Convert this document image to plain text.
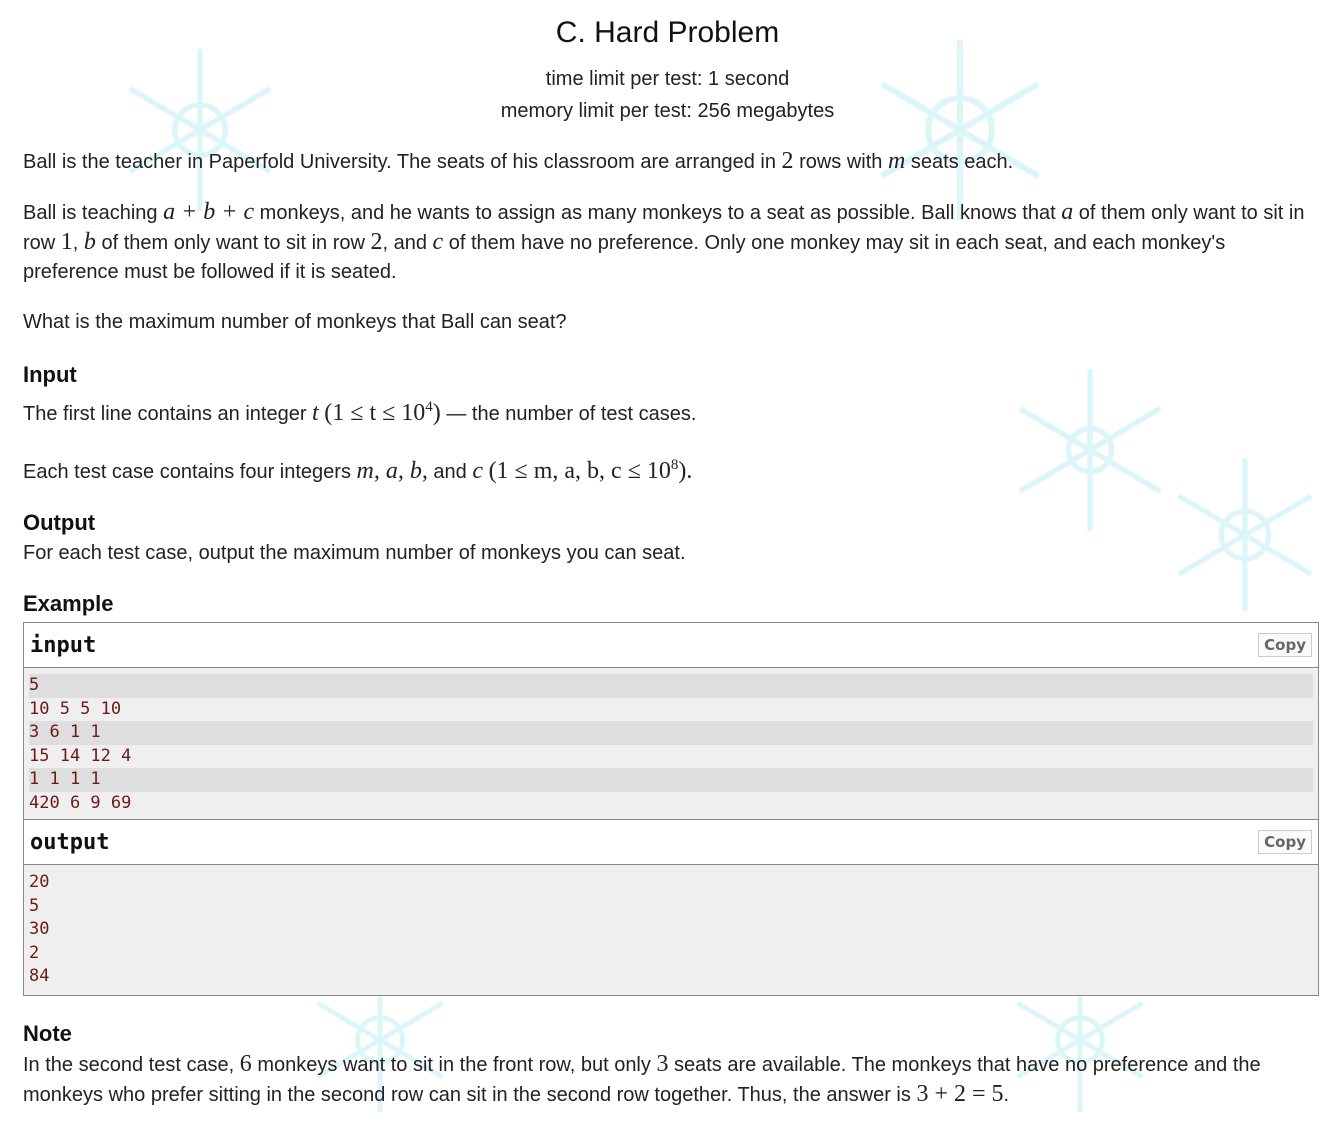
C. Hard Problem
time limit per test: 1 second
memory limit per test: 256 megabytes

Ball is the teacher in Paperfold University. The seats of his classroom are arranged in 2 rows with m seats each.

Ball is teaching a + b + c monkeys, and he wants to assign as many monkeys to a seat as possible. Ball knows that a of them only want to sit in row 1, b of them only want to sit in row 2, and c of them have no preference. Only one monkey may sit in each seat, and each monkey's preference must be followed if it is seated.

What is the maximum number of monkeys that Ball can seat?

Input

The first line contains an integer t $(1 \le t \le 10^4)$ — the number of test cases.

Each test case contains four integers m, a, b, and c (1 ≤ m, a, b, $c \le 10^8$).

Output

For each test case, output the maximum number of monkeys you can seat.

Example
input	Copy
5
10 5 5 10
3 6 1 1
15 14 12 4
1 1 1 1
420 6 9 69
output	Copy
20
5
30
2
84
Note

In the second test case, 6 monkeys want to sit in the front row, but only 3 seats are available. The monkeys that have no preference and the monkeys who prefer sitting in the second row can sit in the second row together. Thus, the answer is 3 + 2 = 5.
